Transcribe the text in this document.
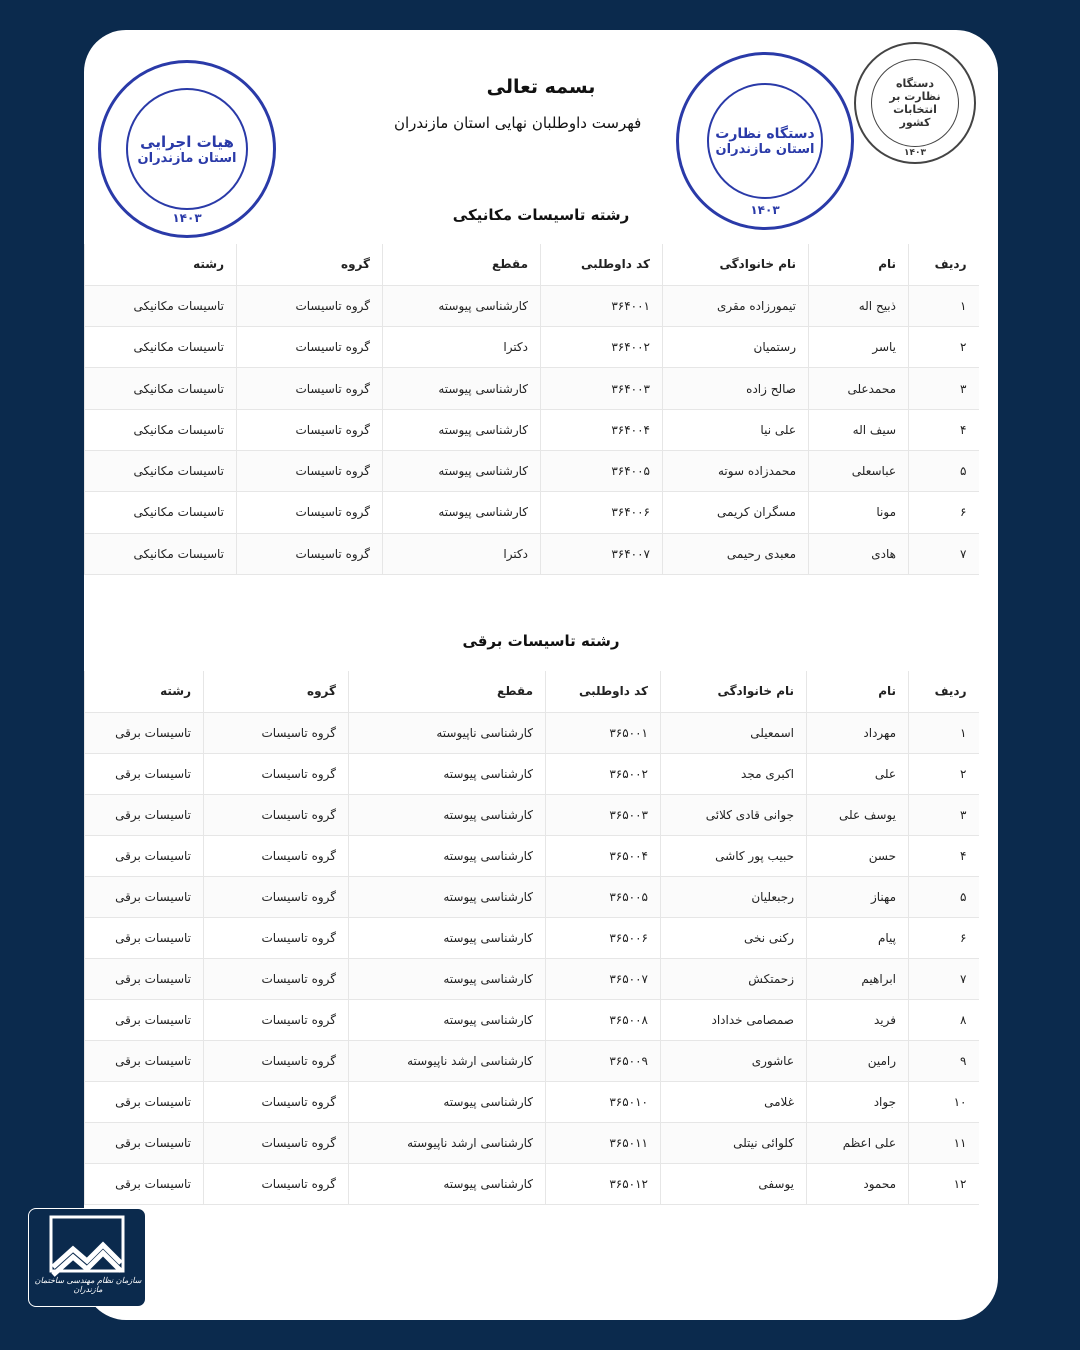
هیات اجرایی
استان مازندران
۱۴۰۳
بسمه تعالی
فهرست داوطلبان نهایی استان مازندران
دستگاه نظارت
استان مازندران
۱۴۰۳
دستگاه
نظارت بر انتخابات
کشور
۱۴۰۳
رشته تاسیسات مکانیکی
ردیف	نام	نام خانوادگی	کد داوطلبی	مقطع	گروه	رشته
۱	ذبیح اله	تیمورزاده مقری	۳۶۴۰۰۱	کارشناسی پیوسته	گروه تاسیسات	تاسیسات مکانیکی
۲	یاسر	رستمیان	۳۶۴۰۰۲	دکترا	گروه تاسیسات	تاسیسات مکانیکی
۳	محمدعلی	صالح زاده	۳۶۴۰۰۳	کارشناسی پیوسته	گروه تاسیسات	تاسیسات مکانیکی
۴	سیف اله	علی نیا	۳۶۴۰۰۴	کارشناسی پیوسته	گروه تاسیسات	تاسیسات مکانیکی
۵	عباسعلی	محمدزاده سوته	۳۶۴۰۰۵	کارشناسی پیوسته	گروه تاسیسات	تاسیسات مکانیکی
۶	مونا	مسگران کریمی	۳۶۴۰۰۶	کارشناسی پیوسته	گروه تاسیسات	تاسیسات مکانیکی
۷	هادی	معبدی رحیمی	۳۶۴۰۰۷	دکترا	گروه تاسیسات	تاسیسات مکانیکی
رشته تاسیسات برقی
ردیف	نام	نام خانوادگی	کد داوطلبی	مقطع	گروه	رشته
۱	مهرداد	اسمعیلی	۳۶۵۰۰۱	کارشناسی ناپیوسته	گروه تاسیسات	تاسیسات برقی
۲	علی	اکبری مجد	۳۶۵۰۰۲	کارشناسی پیوسته	گروه تاسیسات	تاسیسات برقی
۳	یوسف علی	جوانی قادی کلائی	۳۶۵۰۰۳	کارشناسی پیوسته	گروه تاسیسات	تاسیسات برقی
۴	حسن	حبیب پور کاشی	۳۶۵۰۰۴	کارشناسی پیوسته	گروه تاسیسات	تاسیسات برقی
۵	مهناز	رجبعلیان	۳۶۵۰۰۵	کارشناسی پیوسته	گروه تاسیسات	تاسیسات برقی
۶	پیام	رکنی نخی	۳۶۵۰۰۶	کارشناسی پیوسته	گروه تاسیسات	تاسیسات برقی
۷	ابراهیم	زحمتکش	۳۶۵۰۰۷	کارشناسی پیوسته	گروه تاسیسات	تاسیسات برقی
۸	فرید	صمصامی خداداد	۳۶۵۰۰۸	کارشناسی پیوسته	گروه تاسیسات	تاسیسات برقی
۹	رامین	عاشوری	۳۶۵۰۰۹	کارشناسی ارشد ناپیوسته	گروه تاسیسات	تاسیسات برقی
۱۰	جواد	غلامی	۳۶۵۰۱۰	کارشناسی پیوسته	گروه تاسیسات	تاسیسات برقی
۱۱	علی اعظم	کلوائی نیتلی	۳۶۵۰۱۱	کارشناسی ارشد ناپیوسته	گروه تاسیسات	تاسیسات برقی
۱۲	محمود	یوسفی	۳۶۵۰۱۲	کارشناسی پیوسته	گروه تاسیسات	تاسیسات برقی
سازمان نظام مهندسی ساختمان مازندران
